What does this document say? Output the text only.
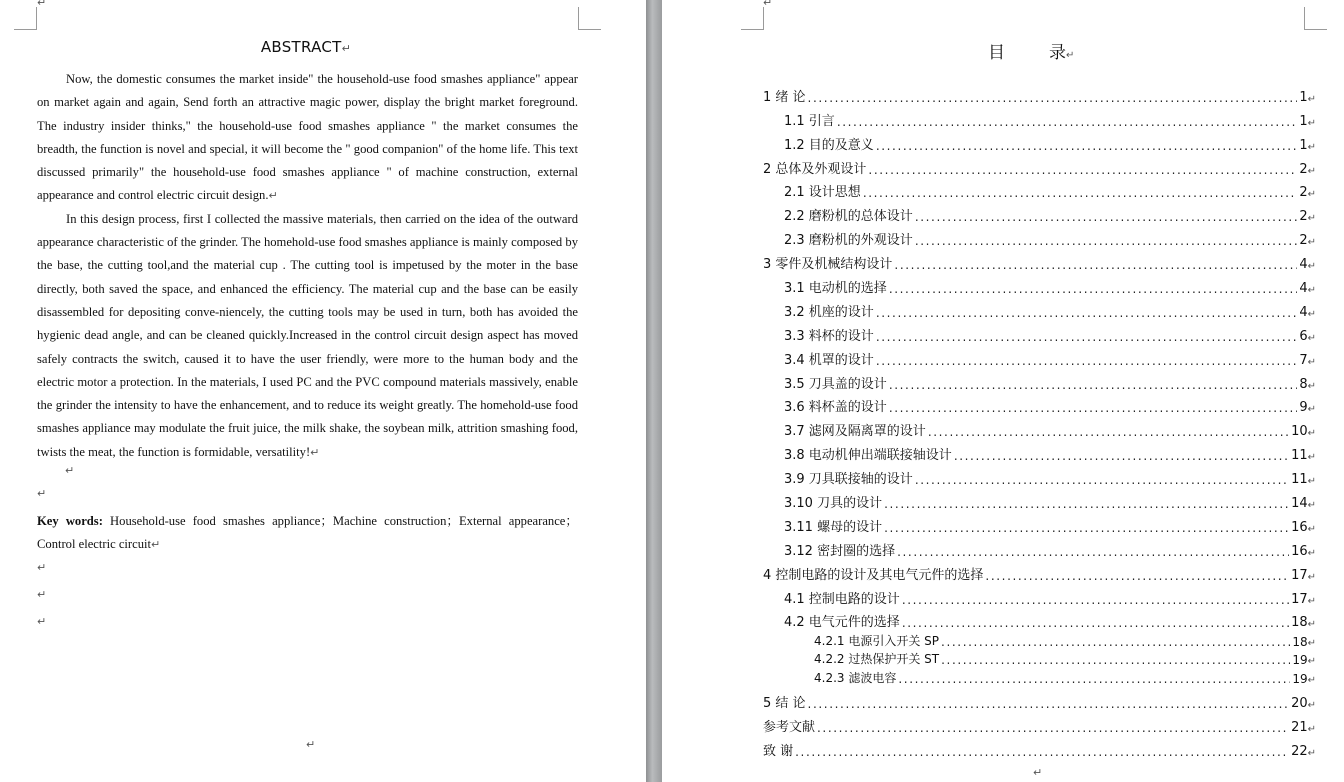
↵
ABSTRACT↵

Now, the domestic consumes the market inside" the household-use food smashes appliance" appear on market again and again, Send forth an attractive magic power, display the bright market foreground. The industry insider thinks," the household-use food smashes appliance " the market consumes the breadth, the function is novel and special, it will become the " good companion" of the home life. This text discussed primarily" the household-use food smashes appliance " of machine construction, external appearance and control electric circuit design.↵

In this design process, first I collected the massive materials, then carried on the idea of the outward appearance characteristic of the grinder. The homehold-use food smashes appliance is mainly composed by the base, the cutting tool,and the material cup . The cutting tool is impetused by the moter in the base directly, both saved the space, and enhanced the efficiency. The material cup and the base can be easily disassembled for depositing conve-niencely, the cutting tools may be used in turn, both has avoided the hygienic dead angle, and can be cleaned quickly.Increased in the control circuit design aspect has moved safely contracts the switch, caused it to have the user friendly, were more to the human body and the electric motor a protection. In the materials, I used PC and the PVC compound materials massively, enable the grinder the intensity to have the enhancement, and to reduce its weight greatly. The homehold-use food smashes appliance may modulate the fruit juice, the milk shake, the soybean milk, attrition smashing food, twists the meat, the function is formidable, versatility!↵

↵
↵

Key words: Household-use food smashes appliance；Machine construction；External appearance；Control electric circuit↵

↵
↵
↵
↵
↵
目	录↵
1 绪 论 .....	1 ↵
1.1 引言 .....	1 ↵
1.2 目的及意义 .....	1 ↵
2 总体及外观设计 .....	2 ↵
2.1 设计思想 .....	2 ↵
2.2 磨粉机的总体设计 .....	2 ↵
2.3 磨粉机的外观设计 .....	2 ↵
3 零件及机械结构设计 .....	4 ↵
3.1 电动机的选择 .....	4 ↵
3.2 机座的设计 .....	4 ↵
3.3 料杯的设计 .....	6 ↵
3.4 机罩的设计 .....	7 ↵
3.5 刀具盖的设计 .....	8 ↵
3.6 料杯盖的设计 .....	9 ↵
3.7 滤网及隔离罩的设计 .....	10 ↵
3.8 电动机伸出端联接轴设计 .....	11 ↵
3.9 刀具联接轴的设计 .....	11 ↵
3.10 刀具的设计 .....	14 ↵
3.11 螺母的设计 .....	16 ↵
3.12 密封圈的选择 .....	16 ↵
4 控制电路的设计及其电气元件的选择 .....	17 ↵
4.1 控制电路的设计 .....	17 ↵
4.2 电气元件的选择 .....	18 ↵
4.2.1 电源引入开关 SP .....	18 ↵
4.2.2 过热保护开关 ST .....	19 ↵
4.2.3 滤波电容 .....	19 ↵
5 结 论 .....	20 ↵
参考文献 .....	21 ↵
致 谢 .....	22 ↵
↵
